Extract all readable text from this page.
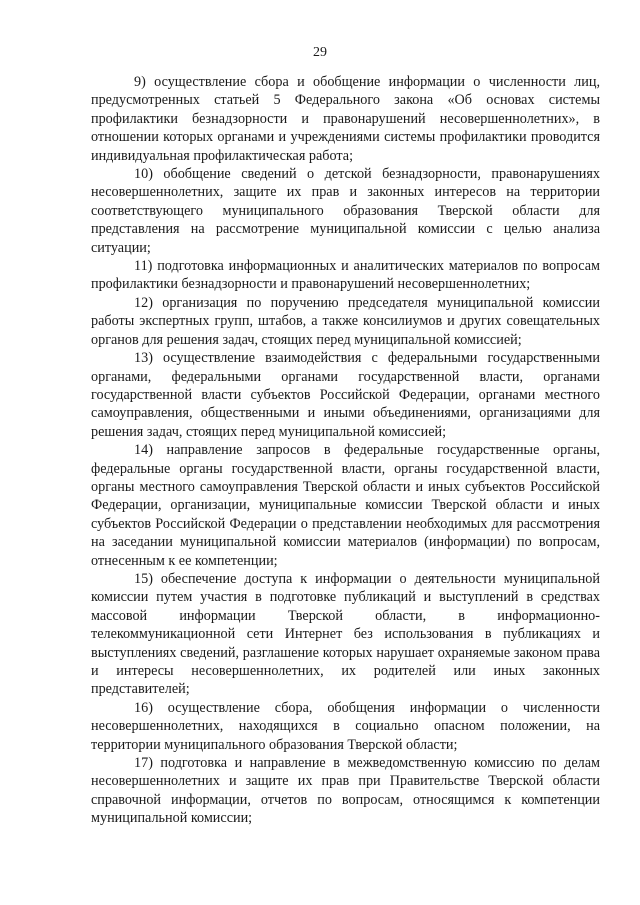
29

9) осуществление сбора и обобщение информации о численности лиц, предусмотренных статьей 5 Федерального закона «Об основах системы профилактики безнадзорности и правонарушений несовершеннолетних», в отношении которых органами и учреждениями системы профилактики проводится индивидуальная профилактическая работа;

10) обобщение сведений о детской безнадзорности, правонарушениях несовершеннолетних, защите их прав и законных интересов на территории соответствующего муниципального образования Тверской области для представления на рассмотрение муниципальной комиссии с целью анализа ситуации;

11) подготовка информационных и аналитических материалов по вопросам профилактики безнадзорности и правонарушений несовершеннолетних;

12) организация по поручению председателя муниципальной комиссии работы экспертных групп, штабов, а также консилиумов и других совещательных органов для решения задач, стоящих перед муниципальной комиссией;

13) осуществление взаимодействия с федеральными государственными органами, федеральными органами государственной власти, органами государственной власти субъектов Российской Федерации, органами местного самоуправления, общественными и иными объединениями, организациями для решения задач, стоящих перед муниципальной комиссией;

14) направление запросов в федеральные государственные органы, федеральные органы государственной власти, органы государственной власти, органы местного самоуправления Тверской области и иных субъектов Российской Федерации, организации, муниципальные комиссии Тверской области и иных субъектов Российской Федерации о представлении необходимых для рассмотрения на заседании муниципальной комиссии материалов (информации) по вопросам, отнесенным к ее компетенции;

15) обеспечение доступа к информации о деятельности муниципальной комиссии путем участия в подготовке публикаций и выступлений в средствах массовой информации Тверской области, в информационно-телекоммуникационной сети Интернет без использования в публикациях и выступлениях сведений, разглашение которых нарушает охраняемые законом права и интересы несовершеннолетних, их родителей или иных законных представителей;

16) осуществление сбора, обобщения информации о численности несовершеннолетних, находящихся в социально опасном положении, на территории муниципального образования Тверской области;

17) подготовка и направление в межведомственную комиссию по делам несовершеннолетних и защите их прав при Правительстве Тверской области справочной информации, отчетов по вопросам, относящимся к компетенции муниципальной комиссии;
